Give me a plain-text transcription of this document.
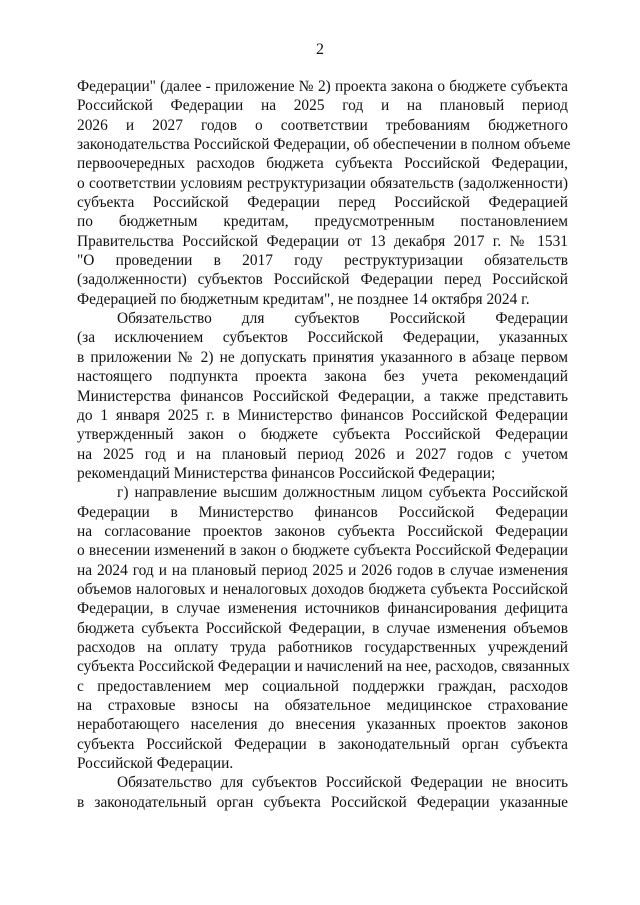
2
Федерации" (далее - приложение № 2) проекта закона о бюджете субъекта
Российской Федерации на 2025 год и на плановый период
2026 и 2027 годов о соответствии требованиям бюджетного
законодательства Российской Федерации, об обеспечении в полном объеме
первоочередных расходов бюджета субъекта Российской Федерации,
о соответствии условиям реструктуризации обязательств (задолженности)
субъекта Российской Федерации перед Российской Федерацией
по бюджетным кредитам, предусмотренным постановлением
Правительства Российской Федерации от 13 декабря 2017 г. № 1531
"О проведении в 2017 году реструктуризации обязательств
(задолженности) субъектов Российской Федерации перед Российской
Федерацией по бюджетным кредитам", не позднее 14 октября 2024 г.
Обязательство для субъектов Российской Федерации
(за исключением субъектов Российской Федерации, указанных
в приложении № 2) не допускать принятия указанного в абзаце первом
настоящего подпункта проекта закона без учета рекомендаций
Министерства финансов Российской Федерации, а также представить
до 1 января 2025 г. в Министерство финансов Российской Федерации
утвержденный закон о бюджете субъекта Российской Федерации
на 2025 год и на плановый период 2026 и 2027 годов с учетом
рекомендаций Министерства финансов Российской Федерации;
г) направление высшим должностным лицом субъекта Российской
Федерации в Министерство финансов Российской Федерации
на согласование проектов законов субъекта Российской Федерации
о внесении изменений в закон о бюджете субъекта Российской Федерации
на 2024 год и на плановый период 2025 и 2026 годов в случае изменения
объемов налоговых и неналоговых доходов бюджета субъекта Российской
Федерации, в случае изменения источников финансирования дефицита
бюджета субъекта Российской Федерации, в случае изменения объемов
расходов на оплату труда работников государственных учреждений
субъекта Российской Федерации и начислений на нее, расходов, связанных
с предоставлением мер социальной поддержки граждан, расходов
на страховые взносы на обязательное медицинское страхование
неработающего населения до внесения указанных проектов законов
субъекта Российской Федерации в законодательный орган субъекта
Российской Федерации.
Обязательство для субъектов Российской Федерации не вносить
в законодательный орган субъекта Российской Федерации указанные
